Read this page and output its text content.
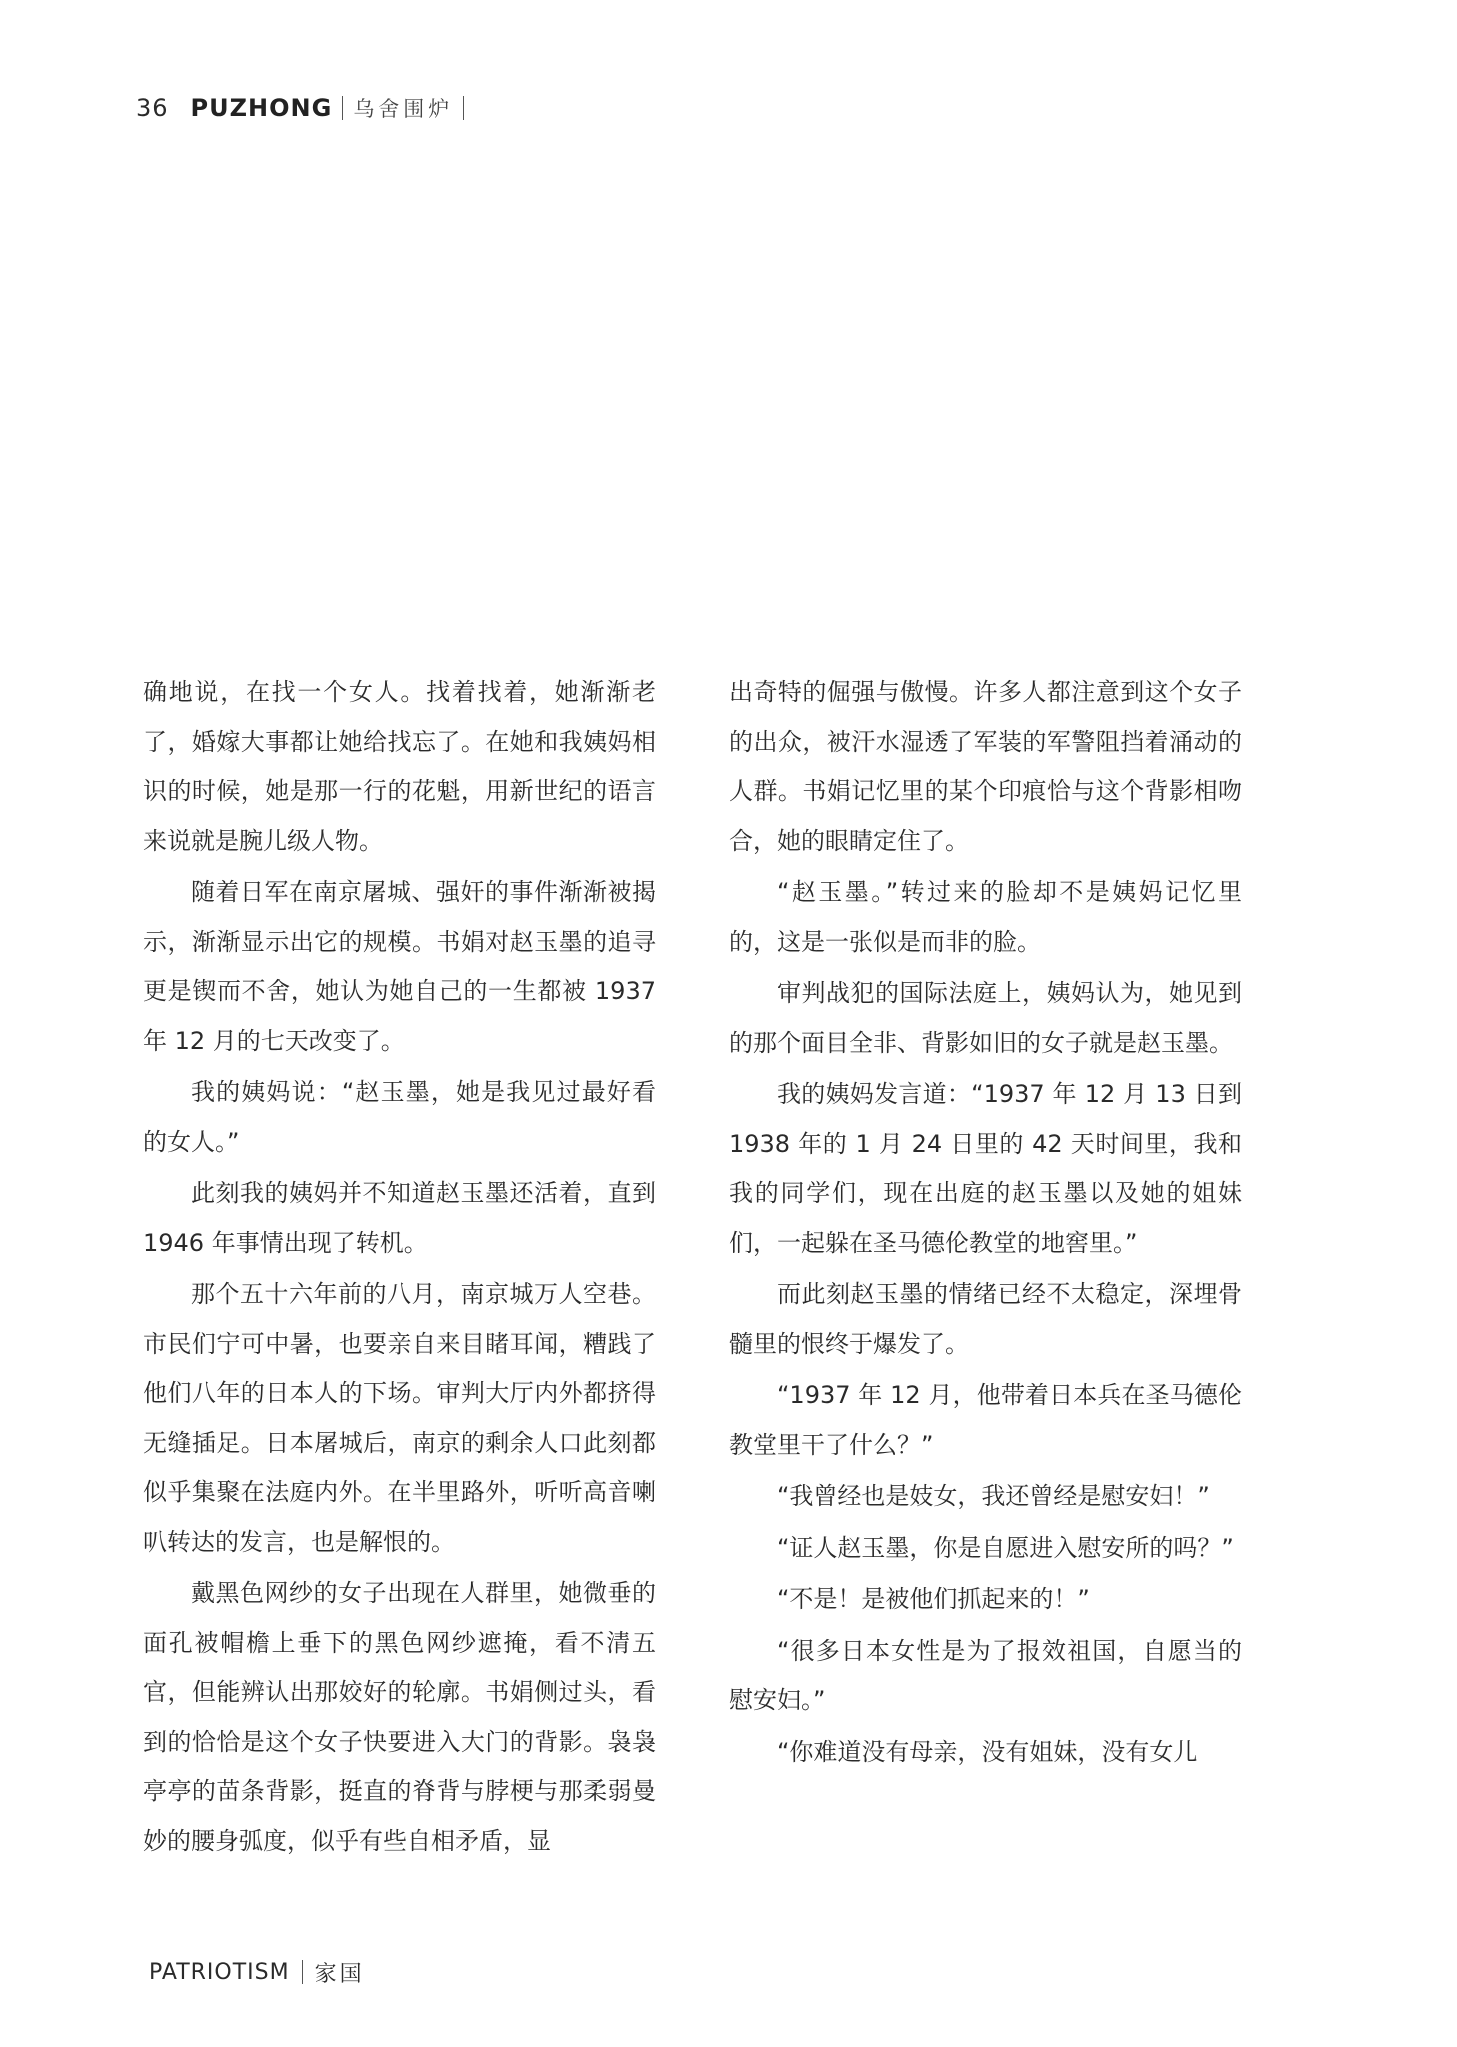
36 PUZHONG 乌舍围炉

确地说，在找一个女人。找着找着，她渐渐老了，婚嫁大事都让她给找忘了。在她和我姨妈相识的时候，她是那一行的花魁，用新世纪的语言来说就是腕儿级人物。

随着日军在南京屠城、强奸的事件渐渐被揭示，渐渐显示出它的规模。书娟对赵玉墨的追寻更是锲而不舍，她认为她自己的一生都被 1937 年 12 月的七天改变了。

我的姨妈说：“赵玉墨，她是我见过最好看的女人。”

此刻我的姨妈并不知道赵玉墨还活着，直到 1946 年事情出现了转机。

那个五十六年前的八月，南京城万人空巷。市民们宁可中暑，也要亲自来目睹耳闻，糟践了他们八年的日本人的下场。审判大厅内外都挤得无缝插足。日本屠城后，南京的剩余人口此刻都似乎集聚在法庭内外。在半里路外，听听高音喇叭转达的发言，也是解恨的。

戴黑色网纱的女子出现在人群里，她微垂的面孔被帽檐上垂下的黑色网纱遮掩，看不清五官，但能辨认出那姣好的轮廓。书娟侧过头，看到的恰恰是这个女子快要进入大门的背影。袅袅亭亭的苗条背影，挺直的脊背与脖梗与那柔弱曼妙的腰身弧度，似乎有些自相矛盾，显

出奇特的倔强与傲慢。许多人都注意到这个女子的出众，被汗水湿透了军装的军警阻挡着涌动的人群。书娟记忆里的某个印痕恰与这个背影相吻合，她的眼睛定住了。

“赵玉墨。”转过来的脸却不是姨妈记忆里的，这是一张似是而非的脸。

审判战犯的国际法庭上，姨妈认为，她见到的那个面目全非、背影如旧的女子就是赵玉墨。

我的姨妈发言道：“1937 年 12 月 13 日到 1938 年的 1 月 24 日里的 42 天时间里，我和我的同学们，现在出庭的赵玉墨以及她的姐妹们，一起躲在圣马德伦教堂的地窖里。”

而此刻赵玉墨的情绪已经不太稳定，深埋骨髓里的恨终于爆发了。

“1937 年 12 月，他带着日本兵在圣马德伦教堂里干了什么？”

“我曾经也是妓女，我还曾经是慰安妇！”

“证人赵玉墨，你是自愿进入慰安所的吗？”

“不是！是被他们抓起来的！”

“很多日本女性是为了报效祖国，自愿当的慰安妇。”

“你难道没有母亲，没有姐妹，没有女儿

PATRIOTISM 家国
